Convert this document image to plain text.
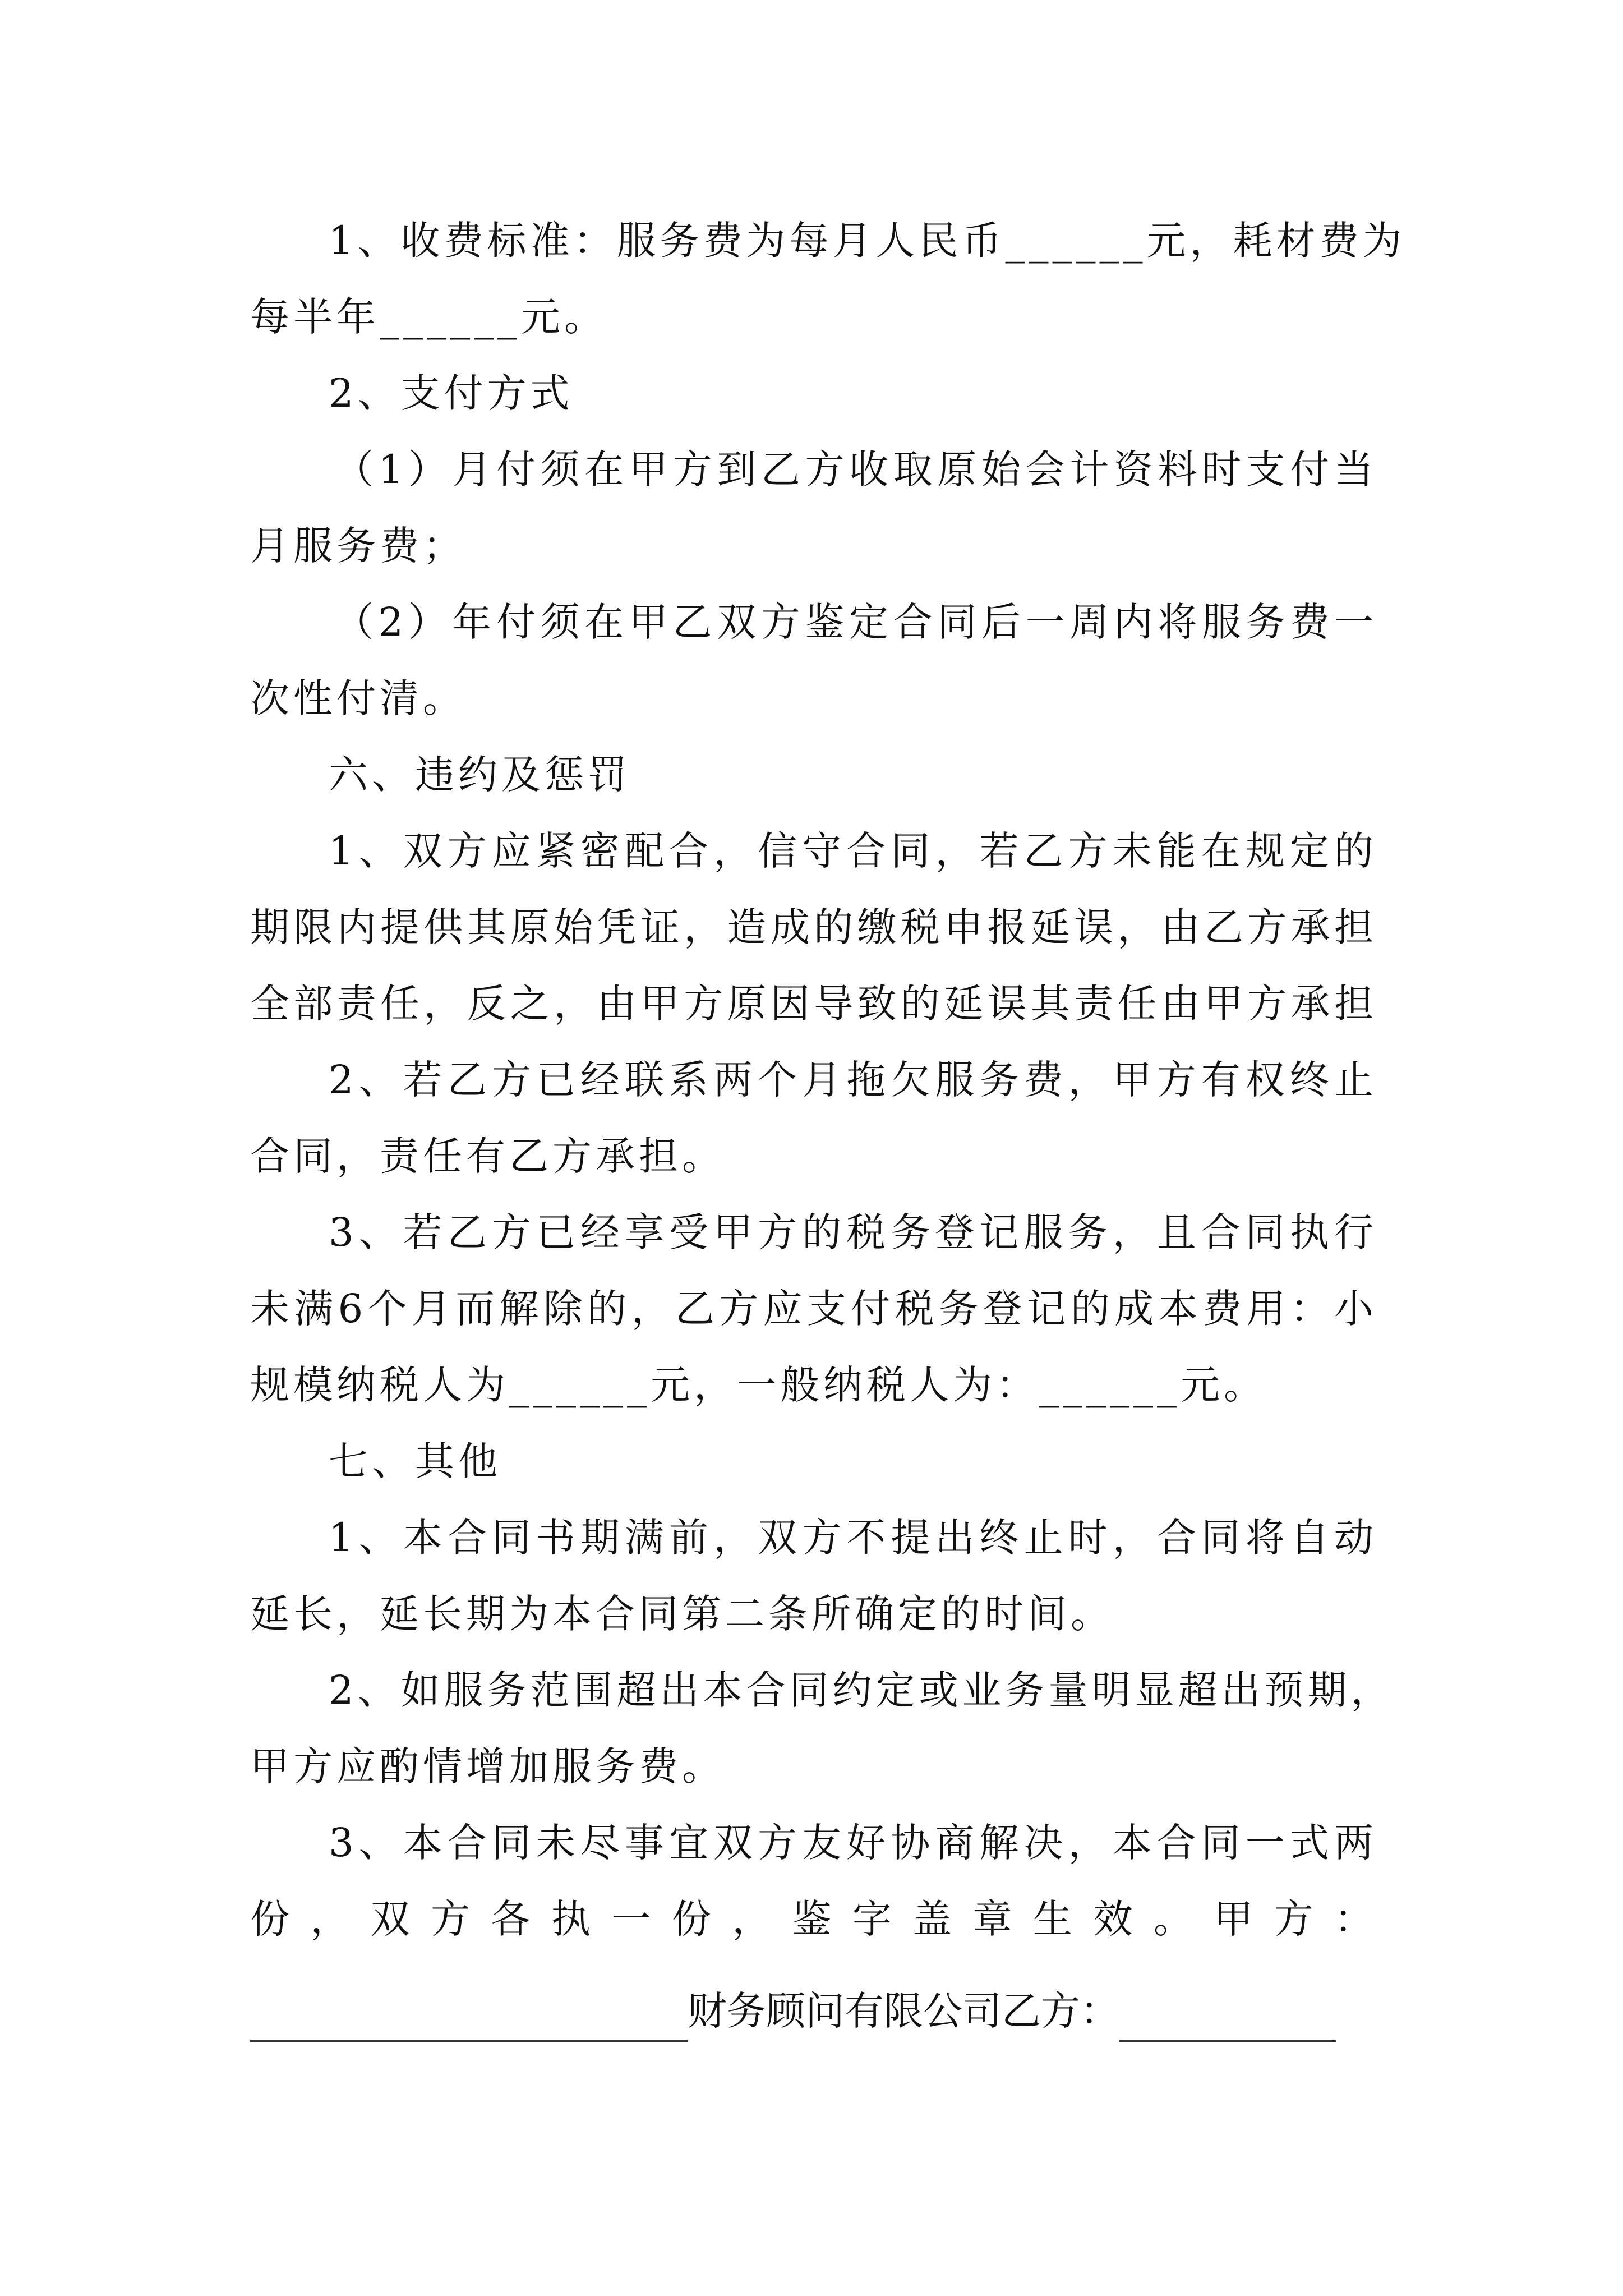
1、收费标准：服务费为每月人民币______元，耗材费为
每半年______元。
2、支付方式
（1）月付须在甲方到乙方收取原始会计资料时支付当
月服务费；
（2）年付须在甲乙双方鉴定合同后一周内将服务费一
次性付清。
六、违约及惩罚
1、双方应紧密配合，信守合同，若乙方未能在规定的
期限内提供其原始凭证，造成的缴税申报延误，由乙方承担
全部责任，反之，由甲方原因导致的延误其责任由甲方承担
2、若乙方已经联系两个月拖欠服务费，甲方有权终止
合同，责任有乙方承担。
3、若乙方已经享受甲方的税务登记服务，且合同执行
未满6个月而解除的，乙方应支付税务登记的成本费用：小
规模纳税人为______元，一般纳税人为：______元。
七、其他
1、本合同书期满前，双方不提出终止时，合同将自动
延长，延长期为本合同第二条所确定的时间。
2、如服务范围超出本合同约定或业务量明显超出预期，
甲方应酌情增加服务费。
3、本合同未尽事宜双方友好协商解决，本合同一式两
份，双方各执一份，鉴字盖章生效。甲方：
财务顾问有限公司乙方：
